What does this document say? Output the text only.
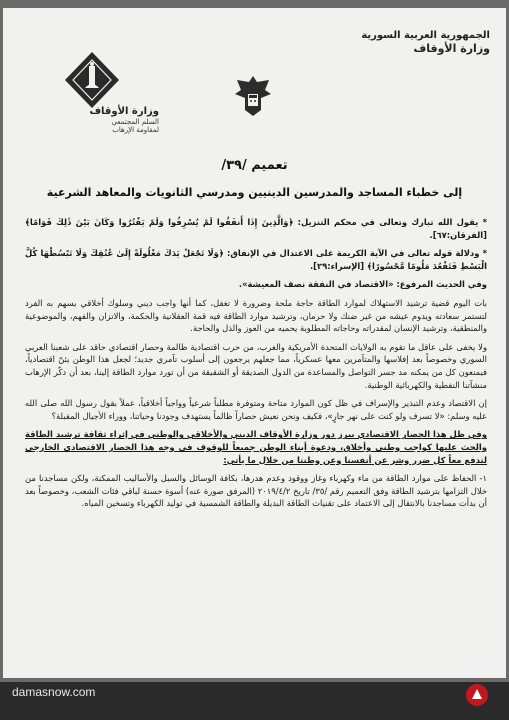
الجمهورية العربية السورية
وزارة الأوقاف
وزارة الأوقاف
السلم المجتمعي لمقاومة الإرهاب
تعميم /٣٩/
إلى خطباء المساجد والمدرسين الدينيين ومدرسي الثانويات والمعاهد الشرعية

* يقول الله تبارك وتعالى في محكم التنزيل: ﴿وَالَّذِينَ إِذَا أَنفَقُوا لَمْ يُسْرِفُوا وَلَمْ يَقْتُرُوا وَكَانَ بَيْنَ ذَٰلِكَ قَوَامًا﴾ [الفرقان:٦٧].

* ودلالة قوله تعالى في الآية الكريمة على الاعتدال في الإنفاق: ﴿وَلَا تَجْعَلْ يَدَكَ مَغْلُولَةً إِلَىٰ عُنُقِكَ وَلَا تَبْسُطْهَا كُلَّ الْبَسْطِ فَتَقْعُدَ مَلُومًا مَّحْسُورًا﴾ [الإسراء:٢٩].

وفي الحديث المرفوع: «الاقتصاد في النفقة نصف المعيشة».

بات اليوم قضية ترشيد الاستهلاك لموارد الطاقة حاجة ملحة وضرورة لا تغفل، كما أنها واجب ديني وسلوك أخلاقي يسهم به الفرد لتستمر سعادته ويدوم عيشه من غير ضنك ولا حرمان، وترشيد موارد الطاقة فيه قمة العقلانية والحكمة، والاتزان والفهم، والموضوعية والمنطقية، وترشيد الإنسان لمقدراته وحاجاته المطلوبة يحميه من العوز والذل والحاجة.

ولا يخفى على عاقل ما تقوم به الولايات المتحدة الأمريكية والغرب، من حرب اقتصادية ظالمة وحصار اقتصادي حاقد على شعبنا العربي السوري وخصوصاً بعد إفلاسها والمتآمرين معها عسكرياً، مما جعلهم يرجعون إلى أسلوب تآمري جديد؛ لجعل هذا الوطن يئنّ اقتصادياً، فيمنعون كل من يمكنه مد جسر التواصل والمساعدة من الدول الصديقة أو الشقيقة من أن تورد موارد الطاقة إلينا، بعد أن دكّر الإرهاب منشآتنا النفطية والكهربائية الوطنية.

إن الاقتصاد وعدم التبذير والإسراف في ظل كون الموارد متاحة ومتوفرة مطلباً شرعياً وواجباً أخلاقياً، عملاً بقول رسول الله صلى الله عليه وسلم: «لا تسرف ولو كنت على نهر جارٍ»، فكيف ونحن نعيش حصاراً ظالماً يستهدف وجودنا وحياتنا، ووراء الأجيال المقبلة؟

وفي ظل هذا الحصار الاقتصادي يبرز دور وزارة الأوقاف الديني والأخلاقي والوطني في إثراء ثقافة ترشيد الطاقة والحث عليها كواجب وطني وأخلاق، ودعوة أبناء الوطن جميعاً للوقوف في وجه هذا الحصار الاقتصادي الخارجي لندفع معاً كل ضرر وشر عن أنفسنا وعن وطننا من خلال ما يأتي:

١- الحفاظ على موارد الطاقة من ماء وكهرباء وغاز ووقود وعدم هدرها، بكافة الوسائل والسبل والأساليب الممكنة، ولكن مساجدنا من خلال التزامها بترشيد الطاقة وفق التعميم رقم /٣٥/ تاريخ ٢٠١٩/٤/٢ (المرفق صورة عنه) أسوة حسنة لباقي فئات الشعب، وخصوصاً بعد أن بدأت مساجدنا بالانتقال إلى الاعتماد على تقنيات الطاقة البديلة والطاقة الشمسية في توليد الكهرباء وتسخين المياه.

damasnow.com
